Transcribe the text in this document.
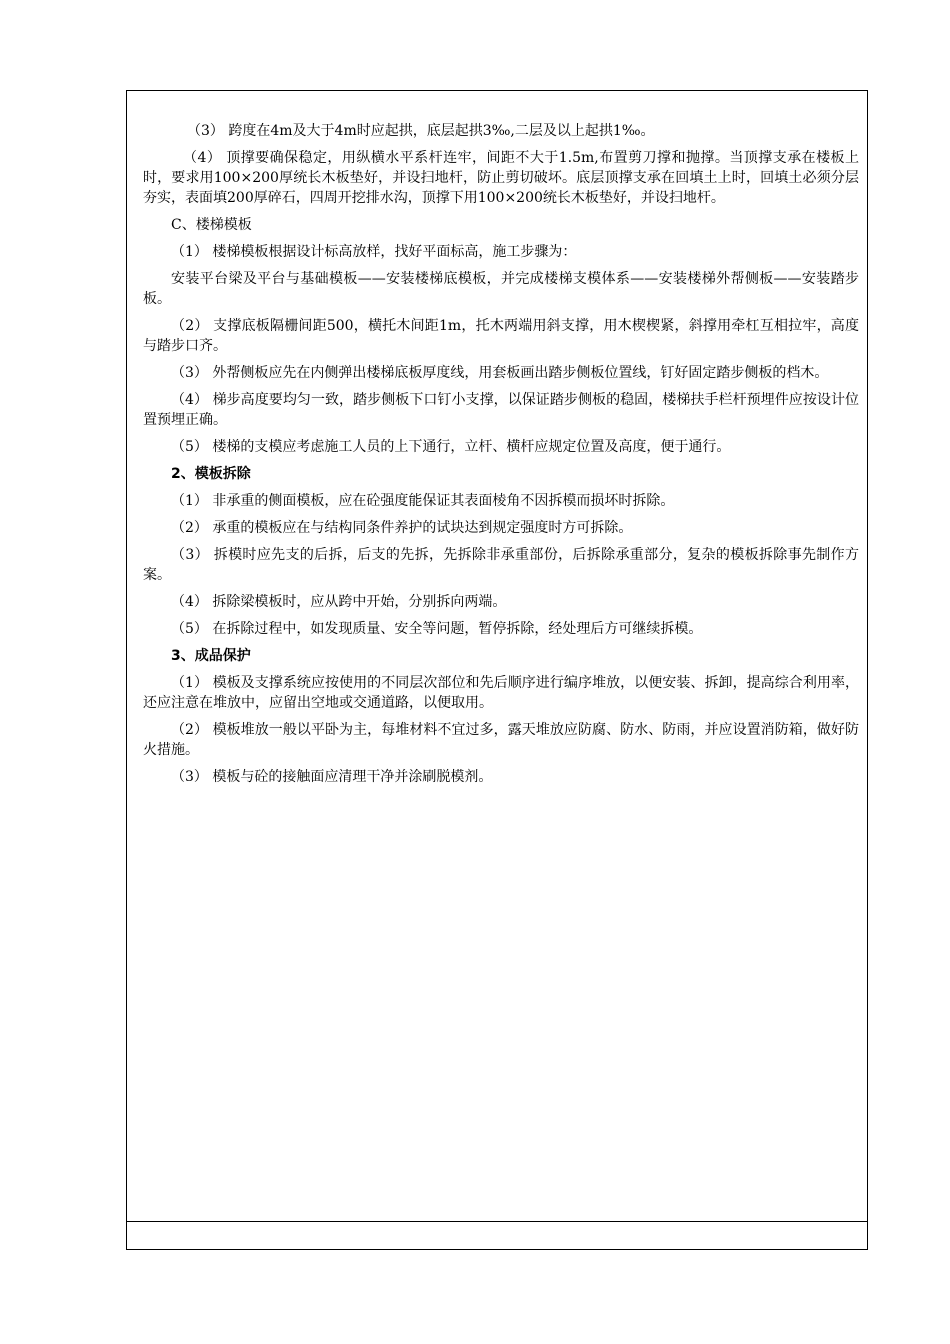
（3） 跨度在4m及大于4m时应起拱，底层起拱3‰,二层及以上起拱1‰。

（4） 顶撑要确保稳定，用纵横水平系杆连牢，间距不大于1.5m,布置剪刀撑和抛撑。当顶撑支承在楼板上时，要求用100×200厚统长木板垫好，并设扫地杆，防止剪切破坏。底层顶撑支承在回填土上时，回填土必须分层夯实，表面填200厚碎石，四周开挖排水沟，顶撑下用100×200统长木板垫好，并设扫地杆。

C、楼梯模板

（1） 楼梯模板根据设计标高放样，找好平面标高，施工步骤为：

安装平台梁及平台与基础模板——安装楼梯底模板，并完成楼梯支模体系——安装楼梯外帮侧板——安装踏步板。

（2） 支撑底板隔栅间距500，横托木间距1m，托木两端用斜支撑，用木楔楔紧，斜撑用牵杠互相拉牢，高度与踏步口齐。

（3） 外帮侧板应先在内侧弹出楼梯底板厚度线，用套板画出踏步侧板位置线，钉好固定踏步侧板的档木。

（4） 梯步高度要均匀一致，踏步侧板下口钉小支撑，以保证踏步侧板的稳固，楼梯扶手栏杆预埋件应按设计位置预埋正确。

（5） 楼梯的支模应考虑施工人员的上下通行，立杆、横杆应规定位置及高度，便于通行。

2、模板拆除

（1） 非承重的侧面模板，应在砼强度能保证其表面棱角不因拆模而损坏时拆除。

（2） 承重的模板应在与结构同条件养护的试块达到规定强度时方可拆除。

（3） 拆模时应先支的后拆，后支的先拆，先拆除非承重部份，后拆除承重部分，复杂的模板拆除事先制作方案。

（4） 拆除梁模板时，应从跨中开始，分别拆向两端。

（5） 在拆除过程中，如发现质量、安全等问题，暂停拆除，经处理后方可继续拆模。

3、成品保护

（1） 模板及支撑系统应按使用的不同层次部位和先后顺序进行编序堆放，以便安装、拆卸，提高综合利用率，还应注意在堆放中，应留出空地或交通道路，以便取用。

（2） 模板堆放一般以平卧为主，每堆材料不宜过多，露天堆放应防腐、防水、防雨，并应设置消防箱，做好防火措施。

（3） 模板与砼的接触面应清理干净并涂刷脱模剂。
